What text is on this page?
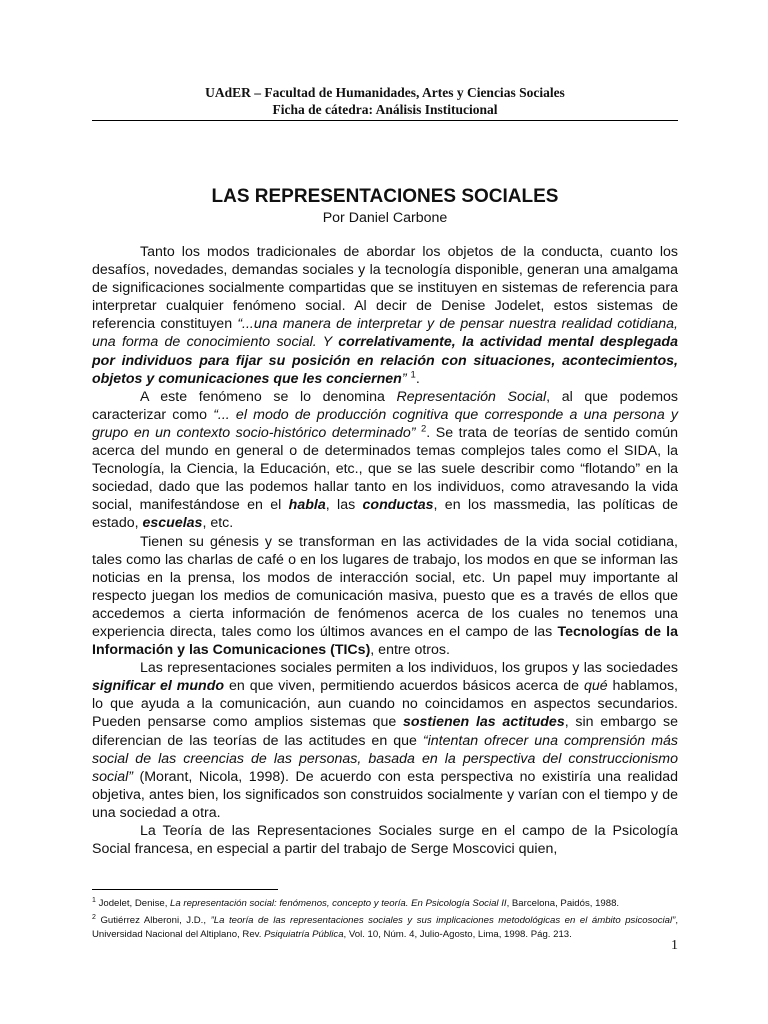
UAdER – Facultad de Humanidades, Artes y Ciencias Sociales
Ficha de cátedra: Análisis Institucional
LAS REPRESENTACIONES SOCIALES
Por Daniel Carbone

Tanto los modos tradicionales de abordar los objetos de la conducta, cuanto los desafíos, novedades, demandas sociales y la tecnología disponible, generan una amalgama de significaciones socialmente compartidas que se instituyen en sistemas de referencia para interpretar cualquier fenómeno social. Al decir de Denise Jodelet, estos sistemas de referencia constituyen “...una manera de interpretar y de pensar nuestra realidad cotidiana, una forma de conocimiento social. Y correlativamente, la actividad mental desplegada por individuos para fijar su posición en relación con situaciones, acontecimientos, objetos y comunicaciones que les conciernen” $^1$.

A este fenómeno se lo denomina Representación Social, al que podemos caracterizar como “... el modo de producción cognitiva que corresponde a una persona y grupo en un contexto socio-histórico determinado” $^2$. Se trata de teorías de sentido común acerca del mundo en general o de determinados temas complejos tales como el SIDA, la Tecnología, la Ciencia, la Educación, etc., que se las suele describir como “flotando” en la sociedad, dado que las podemos hallar tanto en los individuos, como atravesando la vida social, manifestándose en el habla, las conductas, en los massmedia, las políticas de estado, escuelas, etc.

Tienen su génesis y se transforman en las actividades de la vida social cotidiana, tales como las charlas de café o en los lugares de trabajo, los modos en que se informan las noticias en la prensa, los modos de interacción social, etc. Un papel muy importante al respecto juegan los medios de comunicación masiva, puesto que es a través de ellos que accedemos a cierta información de fenómenos acerca de los cuales no tenemos una experiencia directa, tales como los últimos avances en el campo de las Tecnologías de la Información y las Comunicaciones (TICs), entre otros.

Las representaciones sociales permiten a los individuos, los grupos y las sociedades significar el mundo en que viven, permitiendo acuerdos básicos acerca de qué hablamos, lo que ayuda a la comunicación, aun cuando no coincidamos en aspectos secundarios. Pueden pensarse como amplios sistemas que sostienen las actitudes, sin embargo se diferencian de las teorías de las actitudes en que “intentan ofrecer una comprensión más social de las creencias de las personas, basada en la perspectiva del construccionismo social” (Morant, Nicola, 1998). De acuerdo con esta perspectiva no existiría una realidad objetiva, antes bien, los significados son construidos socialmente y varían con el tiempo y de una sociedad a otra.

La Teoría de las Representaciones Sociales surge en el campo de la Psicología Social francesa, en especial a partir del trabajo de Serge Moscovici quien,

$^1$ Jodelet, Denise, La representación social: fenómenos, concepto y teoría. En Psicología Social II, Barcelona, Paidós, 1988.
$^2$ Gutiérrez Alberoni, J.D., ”La teoría de las representaciones sociales y sus implicaciones metodológicas en el ámbito psicosocial”, Universidad Nacional del Altiplano, Rev. Psiquiatría Pública, Vol. 10, Núm. 4, Julio-Agosto, Lima, 1998. Pág. 213.
1
